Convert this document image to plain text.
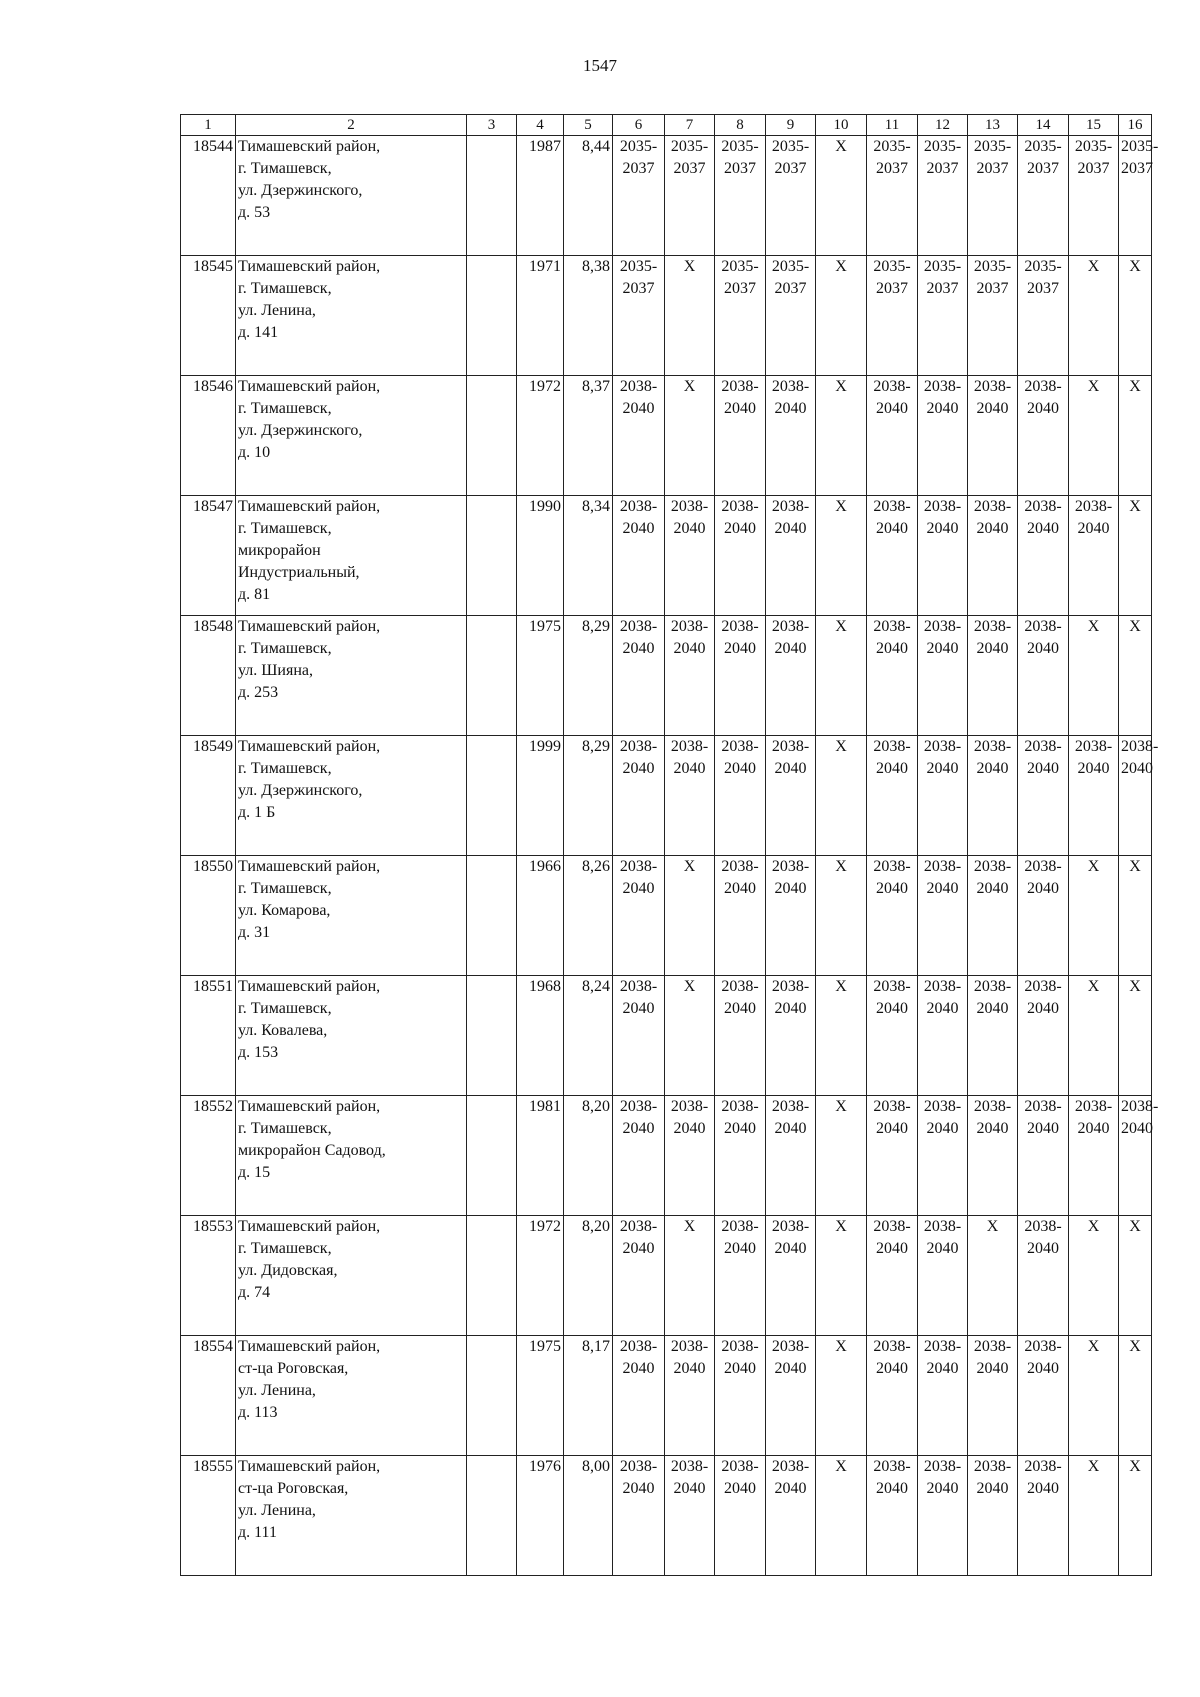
1547
1	2	3	4	5	6	7	8	9	10	11	12	13	14	15	16
18544	Тимашевский район,
г. Тимашевск,
ул. Дзержинского,
д. 53		1987	8,44	2035-2037	2035-2037	2035-2037	2035-2037	X	2035-2037	2035-2037	2035-2037	2035-2037	2035-2037	2035-2037
18545	Тимашевский район,
г. Тимашевск,
ул. Ленина,
д. 141		1971	8,38	2035-2037	X	2035-2037	2035-2037	X	2035-2037	2035-2037	2035-2037	2035-2037	X	X
18546	Тимашевский район,
г. Тимашевск,
ул. Дзержинского,
д. 10		1972	8,37	2038-2040	X	2038-2040	2038-2040	X	2038-2040	2038-2040	2038-2040	2038-2040	X	X
18547	Тимашевский район,
г. Тимашевск,
микрорайон
Индустриальный,
д. 81		1990	8,34	2038-2040	2038-2040	2038-2040	2038-2040	X	2038-2040	2038-2040	2038-2040	2038-2040	2038-2040	X
18548	Тимашевский район,
г. Тимашевск,
ул. Шияна,
д. 253		1975	8,29	2038-2040	2038-2040	2038-2040	2038-2040	X	2038-2040	2038-2040	2038-2040	2038-2040	X	X
18549	Тимашевский район,
г. Тимашевск,
ул. Дзержинского,
д. 1 Б		1999	8,29	2038-2040	2038-2040	2038-2040	2038-2040	X	2038-2040	2038-2040	2038-2040	2038-2040	2038-2040	2038-2040
18550	Тимашевский район,
г. Тимашевск,
ул. Комарова,
д. 31		1966	8,26	2038-2040	X	2038-2040	2038-2040	X	2038-2040	2038-2040	2038-2040	2038-2040	X	X
18551	Тимашевский район,
г. Тимашевск,
ул. Ковалева,
д. 153		1968	8,24	2038-2040	X	2038-2040	2038-2040	X	2038-2040	2038-2040	2038-2040	2038-2040	X	X
18552	Тимашевский район,
г. Тимашевск,
микрорайон Садовод,
д. 15		1981	8,20	2038-2040	2038-2040	2038-2040	2038-2040	X	2038-2040	2038-2040	2038-2040	2038-2040	2038-2040	2038-2040
18553	Тимашевский район,
г. Тимашевск,
ул. Дидовская,
д. 74		1972	8,20	2038-2040	X	2038-2040	2038-2040	X	2038-2040	2038-2040	X	2038-2040	X	X
18554	Тимашевский район,
ст-ца Роговская,
ул. Ленина,
д. 113		1975	8,17	2038-2040	2038-2040	2038-2040	2038-2040	X	2038-2040	2038-2040	2038-2040	2038-2040	X	X
18555	Тимашевский район,
ст-ца Роговская,
ул. Ленина,
д. 111		1976	8,00	2038-2040	2038-2040	2038-2040	2038-2040	X	2038-2040	2038-2040	2038-2040	2038-2040	X	X
